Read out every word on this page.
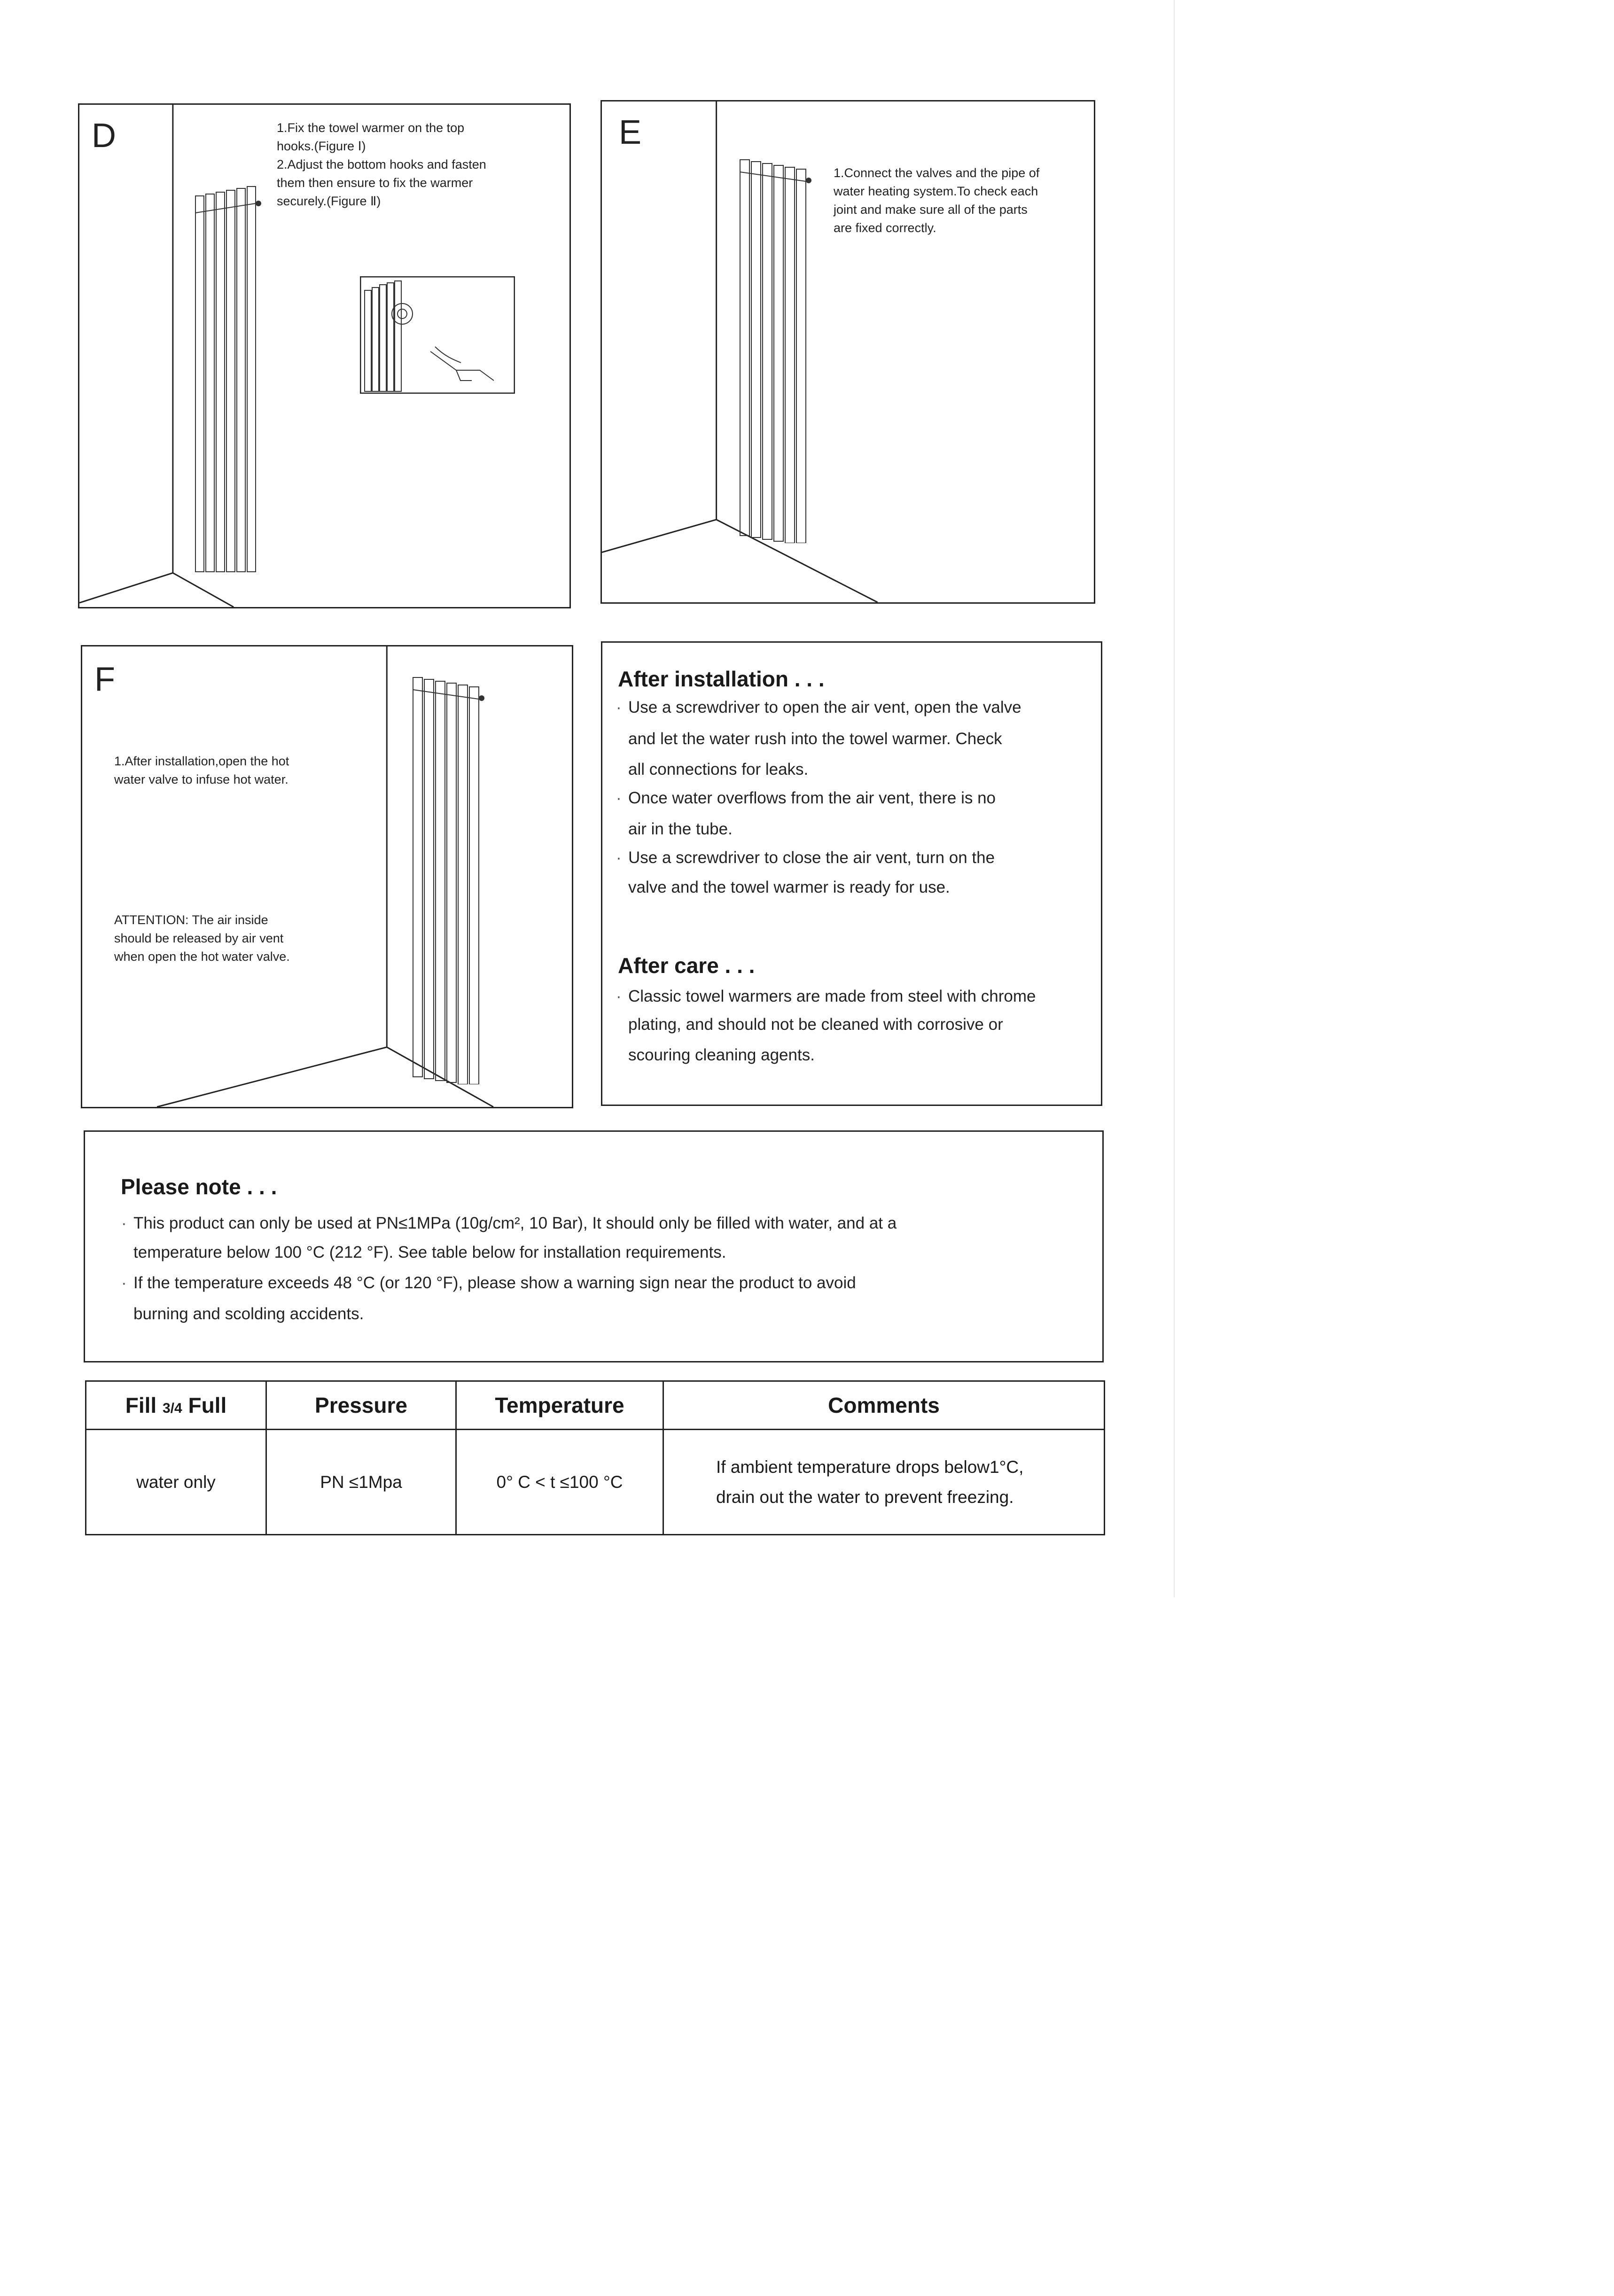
D	1.Fix the towel warmer on the top
hooks.(Figure Ⅰ)
2.Adjust the bottom hooks and fasten
them then ensure to fix the warmer
securely.(Figure Ⅱ)
E
1.Connect the valves and the pipe of
water heating system.To check each
joint and make sure all of the parts
are fixed correctly.
F
1.After installation,open the hot
water valve to infuse hot water.
ATTENTION: The air inside
should be released by air vent
when open the hot water valve.
After installation . . .
· Use a screwdriver to open the air vent, open the valve
and let the water rush into the towel warmer. Check
all connections for leaks.
· Once water overflows from the air vent, there is no
air in the tube.
· Use a screwdriver to close the air vent, turn on the
valve and the towel warmer is ready for use.
After care . . .
· Classic towel warmers are made from steel with chrome
plating, and should not be cleaned with corrosive or
scouring cleaning agents.
Please note . . .
· This product can only be used at PN≤1MPa (10g/cm², 10 Bar), It should only be filled with water, and at a
temperature below 100 °C (212 °F). See table below for installation requirements.
· If the temperature exceeds 48 °C (or 120 °F), please show a warning sign near the product to avoid
burning and scolding accidents.
Fill 3/4 Full	Pressure	Temperature	Comments
water only	PN ≤1Mpa	0° C < t ≤100 °C	If ambient temperature drops below1°C,
drain out the water to prevent freezing.
